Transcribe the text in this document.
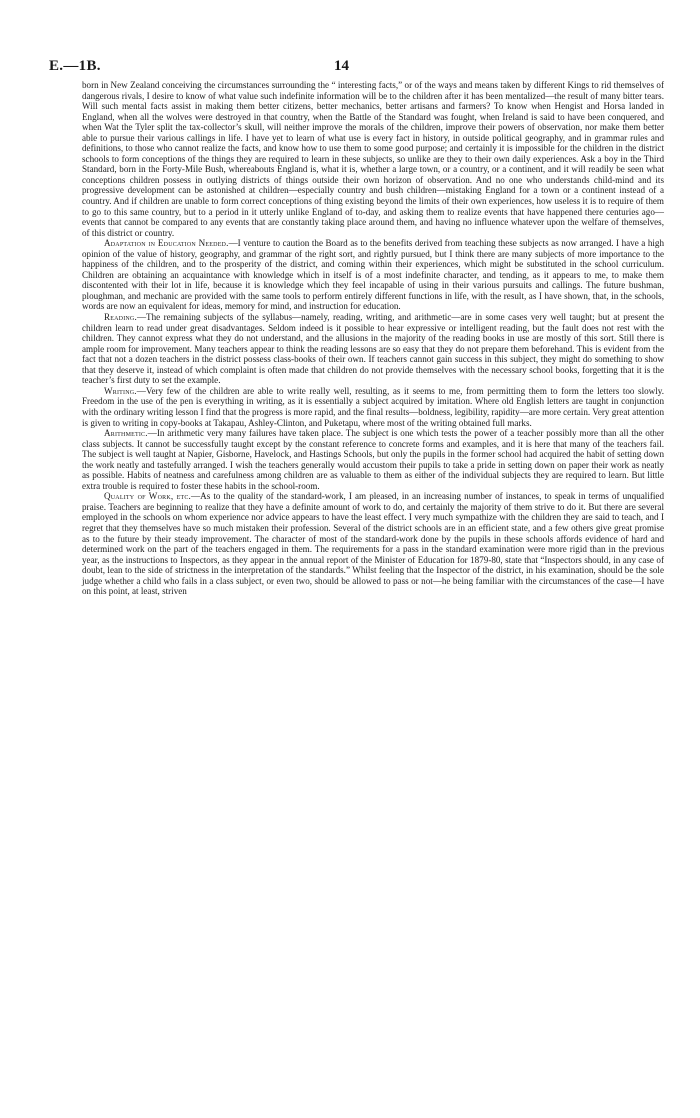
E.—1B.	14

born in New Zealand conceiving the circumstances surrounding the “ interesting facts,” or of the ways and means taken by different Kings to rid themselves of dangerous rivals, I desire to know of what value such indefinite information will be to the children after it has been mentalized—the result of many bitter tears. Will such mental facts assist in making them better citizens, better mechanics, better artisans and farmers? To know when Hengist and Horsa landed in England, when all the wolves were destroyed in that country, when the Battle of the Standard was fought, when Ireland is said to have been conquered, and when Wat the Tyler split the tax-collector’s skull, will neither improve the morals of the children, improve their powers of observation, nor make them better able to pursue their various callings in life. I have yet to learn of what use is every fact in history, in outside political geography, and in grammar rules and definitions, to those who cannot realize the facts, and know how to use them to some good purpose; and certainly it is impossible for the children in the district schools to form conceptions of the things they are required to learn in these subjects, so unlike are they to their own daily experiences. Ask a boy in the Third Standard, born in the Forty-Mile Bush, whereabouts England is, what it is, whether a large town, or a country, or a continent, and it will readily be seen what conceptions children possess in outlying districts of things outside their own horizon of observation. And no one who understands child-mind and its progressive development can be astonished at children—especially country and bush children—mistaking England for a town or a continent instead of a country. And if children are unable to form correct conceptions of thing existing beyond the limits of their own experiences, how useless it is to require of them to go to this same country, but to a period in it utterly unlike England of to-day, and asking them to realize events that have happened there centuries ago—events that cannot be compared to any events that are constantly taking place around them, and having no influence whatever upon the welfare of themselves, of this district or country.

Adaptation in Education Needed.—I venture to caution the Board as to the benefits derived from teaching these subjects as now arranged. I have a high opinion of the value of history, geography, and grammar of the right sort, and rightly pursued, but I think there are many subjects of more importance to the happiness of the children, and to the prosperity of the district, and coming within their experiences, which might be substituted in the school curriculum. Children are obtaining an acquaintance with knowledge which in itself is of a most indefinite character, and tending, as it appears to me, to make them discontented with their lot in life, because it is knowledge which they feel incapable of using in their various pursuits and callings. The future bushman, ploughman, and mechanic are provided with the same tools to perform entirely different functions in life, with the result, as I have shown, that, in the schools, words are now an equivalent for ideas, memory for mind, and instruction for education.

Reading.—The remaining subjects of the syllabus—namely, reading, writing, and arithmetic—are in some cases very well taught; but at present the children learn to read under great disadvantages. Seldom indeed is it possible to hear expressive or intelligent reading, but the fault does not rest with the children. They cannot express what they do not understand, and the allusions in the majority of the reading books in use are mostly of this sort. Still there is ample room for improvement. Many teachers appear to think the reading lessons are so easy that they do not prepare them beforehand. This is evident from the fact that not a dozen teachers in the district possess class-books of their own. If teachers cannot gain success in this subject, they might do something to show that they deserve it, instead of which complaint is often made that children do not provide themselves with the necessary school books, forgetting that it is the teacher’s first duty to set the example.

Writing.—Very few of the children are able to write really well, resulting, as it seems to me, from permitting them to form the letters too slowly. Freedom in the use of the pen is everything in writing, as it is essentially a subject acquired by imitation. Where old English letters are taught in conjunction with the ordinary writing lesson I find that the progress is more rapid, and the final results—boldness, legibility, rapidity—are more certain. Very great attention is given to writing in copy-books at Takapau, Ashley-Clinton, and Puketapu, where most of the writing obtained full marks.

Arithmetic.—In arithmetic very many failures have taken place. The subject is one which tests the power of a teacher possibly more than all the other class subjects. It cannot be successfully taught except by the constant reference to concrete forms and examples, and it is here that many of the teachers fail. The subject is well taught at Napier, Gisborne, Havelock, and Hastings Schools, but only the pupils in the former school had acquired the habit of setting down the work neatly and tastefully arranged. I wish the teachers generally would accustom their pupils to take a pride in setting down on paper their work as neatly as possible. Habits of neatness and carefulness among children are as valuable to them as either of the individual subjects they are required to learn. But little extra trouble is required to foster these habits in the school-room.

Quality of Work, etc.—As to the quality of the standard-work, I am pleased, in an increasing number of instances, to speak in terms of unqualified praise. Teachers are beginning to realize that they have a definite amount of work to do, and certainly the majority of them strive to do it. But there are several employed in the schools on whom experience nor advice appears to have the least effect. I very much sympathize with the children they are said to teach, and I regret that they themselves have so much mistaken their profession. Several of the district schools are in an efficient state, and a few others give great promise as to the future by their steady improvement. The character of most of the standard-work done by the pupils in these schools affords evidence of hard and determined work on the part of the teachers engaged in them. The requirements for a pass in the standard examination were more rigid than in the previous year, as the instructions to Inspectors, as they appear in the annual report of the Minister of Education for 1879-80, state that “Inspectors should, in any case of doubt, lean to the side of strictness in the interpretation of the standards.” Whilst feeling that the Inspector of the district, in his examination, should be the sole judge whether a child who fails in a class subject, or even two, should be allowed to pass or not—he being familiar with the circumstances of the case—I have on this point, at least, striven
